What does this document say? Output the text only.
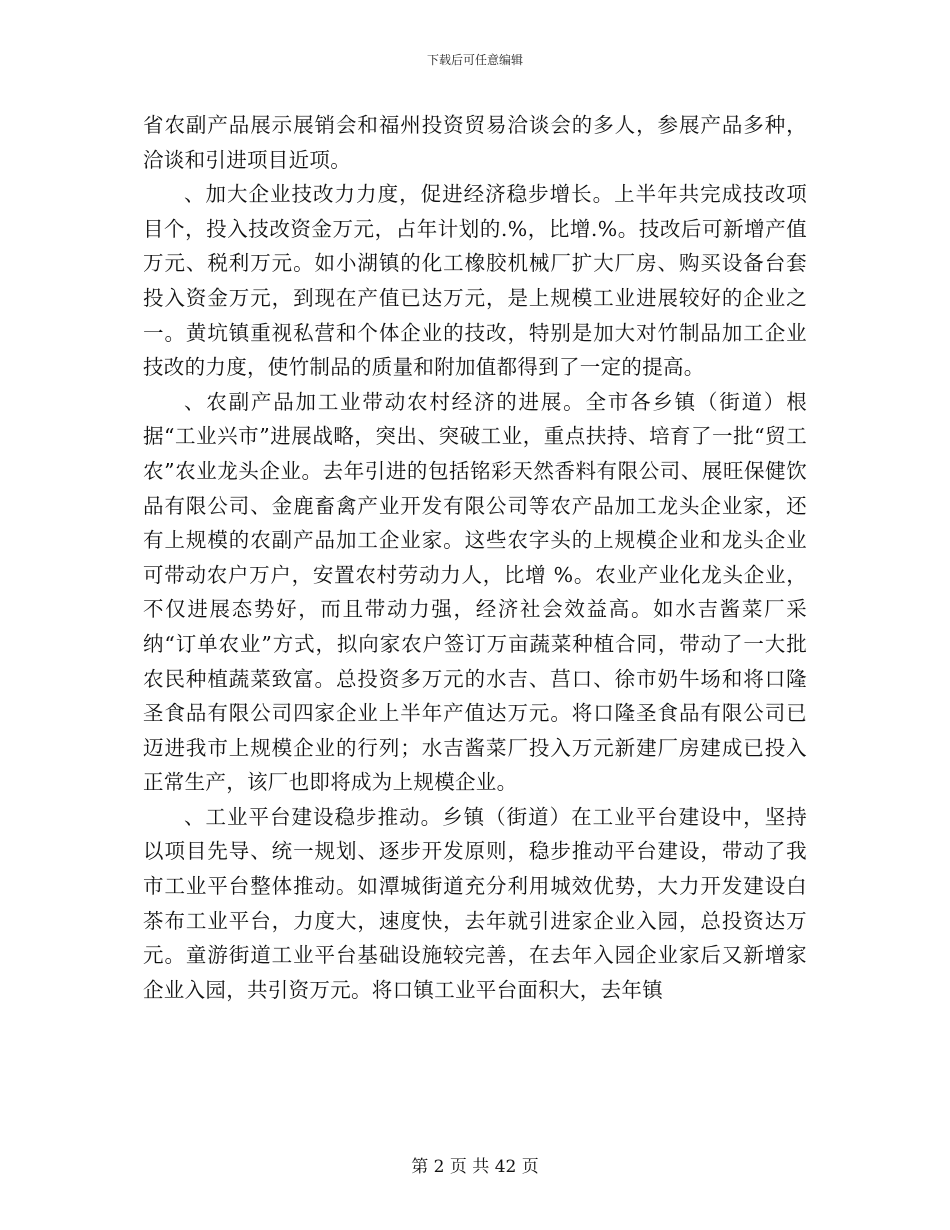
下载后可任意编辑

省农副产品展示展销会和福州投资贸易洽谈会的多人，参展产品多种，洽谈和引进项目近项。

、加大企业技改力力度，促进经济稳步增长。上半年共完成技改项目个，投入技改资金万元，占年计划的.%，比增.%。技改后可新增产值万元、税利万元。如小湖镇的化工橡胶机械厂扩大厂房、购买设备台套投入资金万元，到现在产值已达万元，是上规模工业进展较好的企业之一。黄坑镇重视私营和个体企业的技改，特别是加大对竹制品加工企业技改的力度，使竹制品的质量和附加值都得到了一定的提高。

、农副产品加工业带动农村经济的进展。全市各乡镇（街道）根据“工业兴市”进展战略，突出、突破工业，重点扶持、培育了一批“贸工农”农业龙头企业。去年引进的包括铭彩天然香料有限公司、展旺保健饮品有限公司、金鹿畜禽产业开发有限公司等农产品加工龙头企业家，还有上规模的农副产品加工企业家。这些农字头的上规模企业和龙头企业可带动农户万户，安置农村劳动力人，比增 %。农业产业化龙头企业，不仅进展态势好，而且带动力强，经济社会效益高。如水吉酱菜厂采纳“订单农业”方式，拟向家农户签订万亩蔬菜种植合同，带动了一大批农民种植蔬菜致富。总投资多万元的水吉、莒口、徐市奶牛场和将口隆圣食品有限公司四家企业上半年产值达万元。将口隆圣食品有限公司已迈进我市上规模企业的行列；水吉酱菜厂投入万元新建厂房建成已投入正常生产，该厂也即将成为上规模企业。

、工业平台建设稳步推动。乡镇（街道）在工业平台建设中，坚持以项目先导、统一规划、逐步开发原则，稳步推动平台建设，带动了我市工业平台整体推动。如潭城街道充分利用城效优势，大力开发建设白茶布工业平台，力度大，速度快，去年就引进家企业入园，总投资达万元。童游街道工业平台基础设施较完善，在去年入园企业家后又新增家企业入园，共引资万元。将口镇工业平台面积大，去年镇

第 2 页 共 42 页
